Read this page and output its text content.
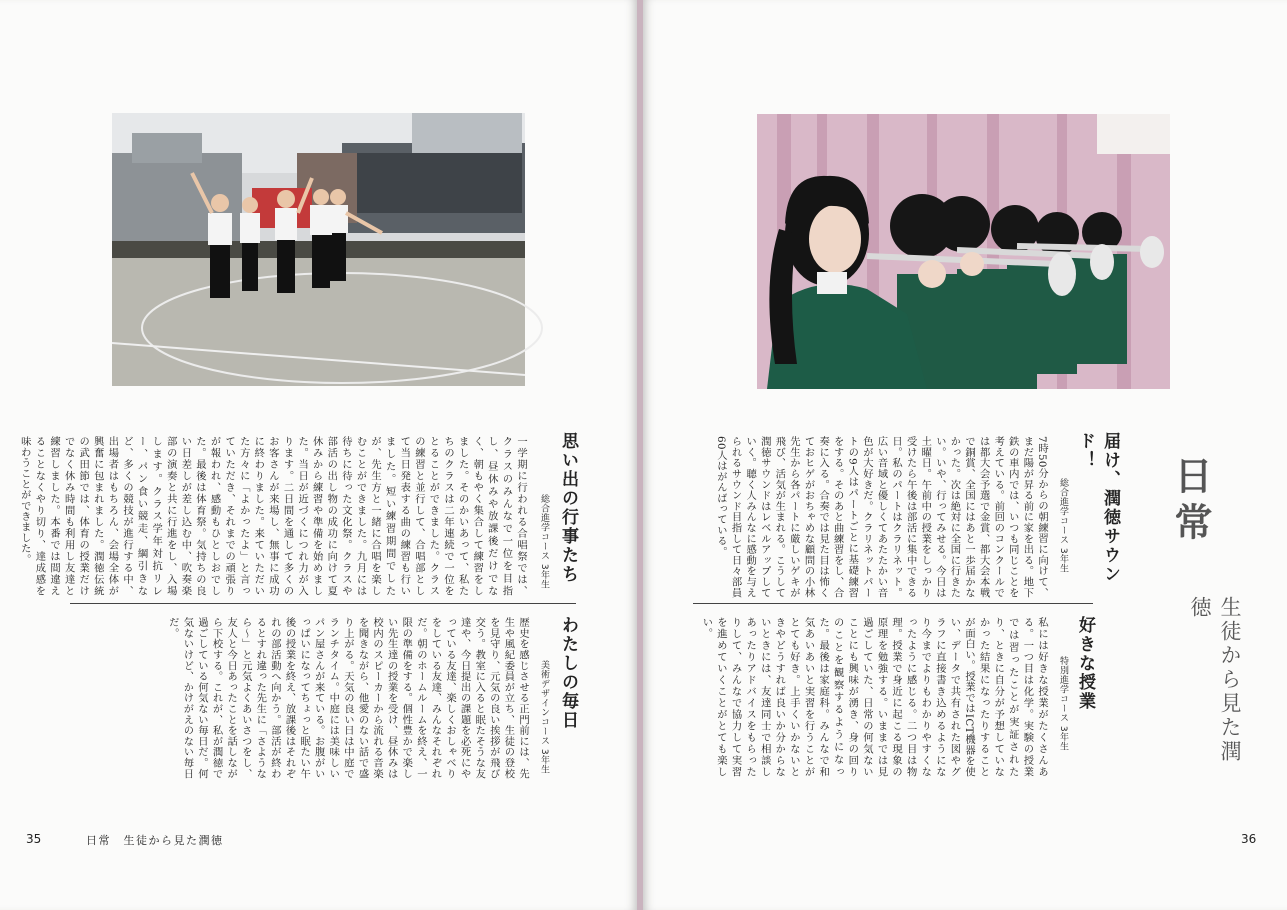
思い出の行事たち
総合進学コース 3年生
一学期に行われる合唱祭では、クラスのみんなで一位を目指し、昼休みや放課後だけでなく、朝もやく集合して練習をしました。そのかいあって、私たちのクラスは二年連続で一位をとることができました。クラスの練習と並行して、合唱部として当日発表する曲の練習も行いました。短い練習期間でしたが、先生方と一緒に合唱を楽しむことができました。九月には待ちに待った文化祭。クラスや部活の出し物の成功に向けて夏休みから練習や準備を始めました。当日が近づくにつれ力が入ります。二日間を通して多くのお客さんが来場し、無事に成功に終わりました。来ていただいた方々に「よかったよ」と言っていただき、それまでの頑張りが報われ、感動もひとしおでした。最後は体育祭。気持ちの良い日差しが差し込む中、吹奏楽部の演奏と共に行進をし、入場します。クラス学年対抗リレー、パン食い競走、綱引きなど、多くの競技が進行する中、出場者はもちろん、会場全体が興奮に包まれました。潤徳伝統の武田節では、体育の授業だけでなく休み時間も利用し友達と練習しました。本番では間違えることなくやり切り、達成感を味わうことができました。
わたしの毎日
美術デザインコース 3年生
歴史を感じさせる正門前には、先生や風紀委員が立ち、生徒の登校を見守り、元気の良い挨拶が飛び交う。教室に入ると眠たそうな友達や、今日提出の課題を必死にやっている友達、楽しくおしゃべりをしている友達、みんなそれぞれだ。朝のホームルームを終え、一限の準備をする。個性豊かで楽しい先生達の授業を受け、昼休みは校内のスピーカーから流れる音楽を聞きながら、他愛のない話で盛り上がる。天気の良い日は中庭でランチタイム。中庭には美味しいパン屋さんが来ている。お腹がいっぱいになってちょっと眠たい午後の授業を終え、放課後はそれぞれの部活動へ向かう。部活が終わるとすれ違った先生に「さようなら〜」と元気よくあいさつをし、友人と今日あったことを話しながら下校する。これが、私が潤徳で過ごしている何気ない毎日だ。何気ないけど、かけがえのない毎日だ。
35	日常　生徒から見た潤徳
日常
生徒から見た潤徳
届け、潤徳サウンド！
総合進学コース 3年生
7時50分からの朝練習に向けて、まだ陽が昇る前に家を出る。地下鉄の車内では、いつも同じことを考えている。前回のコンクールでは都大会予選で金賞、都大会本戦で銅賞、全国にはあと一歩届かなかった。次は絶対に全国に行きたい。いや、行ってみせる。今日は土曜日。午前中の授業をしっかり受けたら午後は部活に集中できる日。私のパートはクラリネット。広い音域と優しくてあたたかい音色が大好きだ。クラリネットパートの9人はパートごとに基礎練習をする。そのあと曲練習をし、合奏に入る。合奏では見た目は怖くておヒゲがおちゃめな顧問の小林先生から各パートに厳しいゲキが飛び、活気が生まれる。こうして潤徳サウンドはレベルアップしていく。聴く人みんなに感動を与えられるサウンド目指して日々部員60人はがんばっている。
好きな授業
特別進学コース 3年生
私には好きな授業がたくさんある。一つ目は化学。実験の授業では習ったことが実証されたり、ときに自分が予想していなかった結果になったりすることが面白い。授業ではICT機器を使い、データで共有された図やグラフに直接書き込めるようになり今までよりもわかりやすくなったように感じる。二つ目は物理。授業で身近に起こる現象の原理を勉強する。いままでは見過ごしていた、日常の何気ないことにも興味が湧き、身の回りのことを観察するようになった。最後は家庭科。みんなで和気あいあいと実習を行うことがとても好き。上手くいかないときやどうすれば良いか分からないときには、友達同士で相談しあったりアドバイスをもらったりして、みんなで協力して実習を進めていくことがとても楽しい。
36
